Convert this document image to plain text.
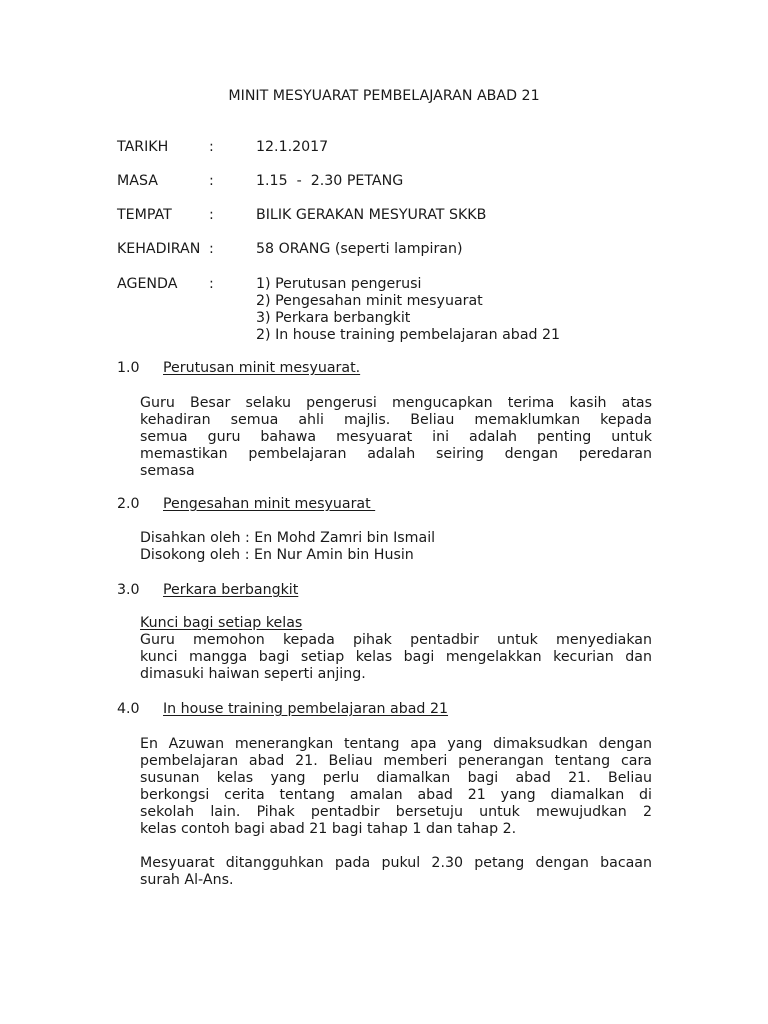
MINIT MESYUARAT PEMBELAJARAN ABAD 21
TARIKH	:	12.1.2017
MASA	:	1.15  -  2.30 PETANG
TEMPAT	:	BILIK GERAKAN MESYURAT SKKB
KEHADIRAN :	58 ORANG (seperti lampiran)
AGENDA :	1) Perutusan pengerusi
2) Pengesahan minit mesyuarat
3) Perkara berbangkit
2) In house training pembelajaran abad 21
1.0 Perutusan minit mesyuarat.
Guru Besar selaku pengerusi mengucapkan terima kasih atas
kehadiran semua ahli majlis. Beliau memaklumkan kepada
semua guru bahawa mesyuarat ini adalah penting untuk
memastikan pembelajaran adalah seiring dengan peredaran
semasa
2.0 Pengesahan minit mesyuarat
Disahkan oleh : En Mohd Zamri bin Ismail
Disokong oleh : En Nur Amin bin Husin
3.0 Perkara berbangkit
Kunci bagi setiap kelas
Guru memohon kepada pihak pentadbir untuk menyediakan
kunci mangga bagi setiap kelas bagi mengelakkan kecurian dan
dimasuki haiwan seperti anjing.
4.0 In house training pembelajaran abad 21
En Azuwan menerangkan tentang apa yang dimaksudkan dengan
pembelajaran abad 21. Beliau memberi penerangan tentang cara
susunan kelas yang perlu diamalkan bagi abad 21. Beliau
berkongsi cerita tentang amalan abad 21 yang diamalkan di
sekolah lain. Pihak pentadbir bersetuju untuk mewujudkan 2
kelas contoh bagi abad 21 bagi tahap 1 dan tahap 2.
Mesyuarat ditangguhkan pada pukul 2.30 petang dengan bacaan
surah Al-Ans.
